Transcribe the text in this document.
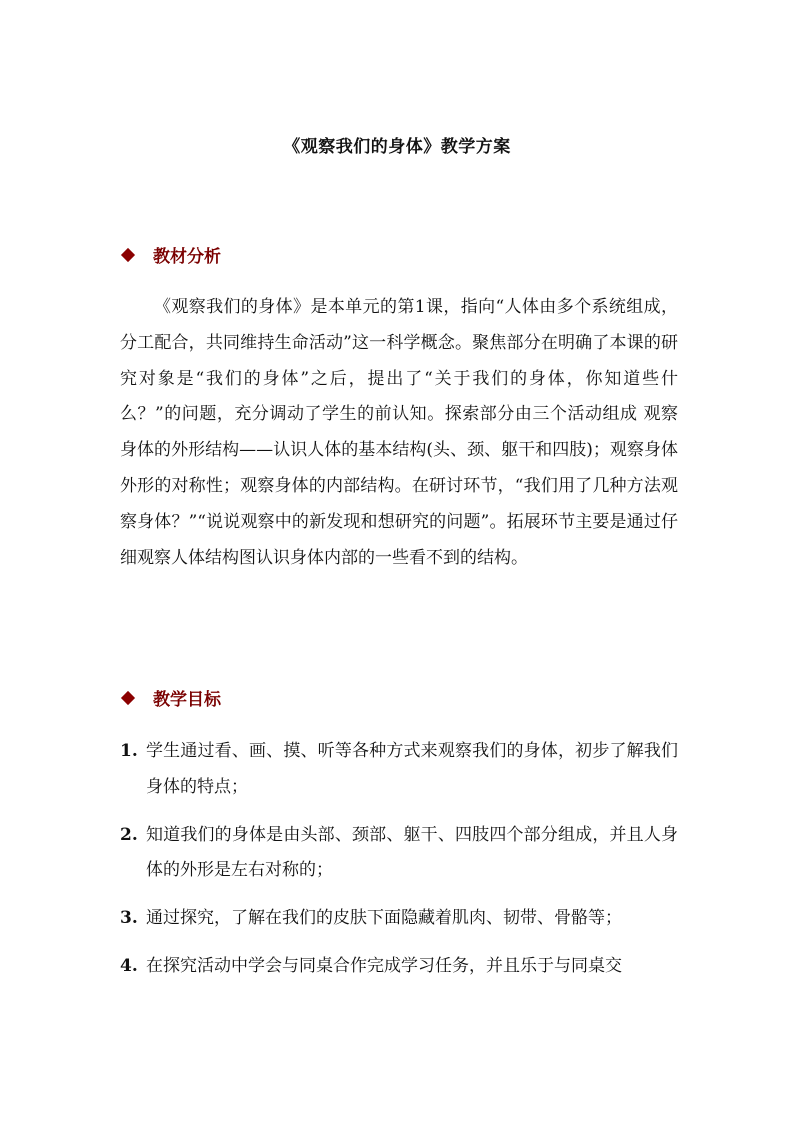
《观察我们的身体》教学方案
教材分析
《观察我们的身体》是本单元的第1课，指向“人体由多个系统组成，分工配合，共同维持生命活动”这一科学概念。聚焦部分在明确了本课的研究对象是“我们的身体”之后，提出了“关于我们的身体，你知道些什么？”的问题，充分调动了学生的前认知。探索部分由三个活动组成 观察身体的外形结构——认识人体的基本结构(头、颈、躯干和四肢)；观察身体外形的对称性；观察身体的内部结构。在研讨环节，“我们用了几种方法观察身体？”“说说观察中的新发现和想研究的问题”。拓展环节主要是通过仔细观察人体结构图认识身体内部的一些看不到的结构。
教学目标
1. 学生通过看、画、摸、听等各种方式来观察我们的身体，初步了解我们身体的特点；
2. 知道我们的身体是由头部、颈部、躯干、四肢四个部分组成，并且人身体的外形是左右对称的；
3. 通过探究，了解在我们的皮肤下面隐藏着肌肉、韧带、骨骼等；
4. 在探究活动中学会与同桌合作完成学习任务，并且乐于与同桌交
